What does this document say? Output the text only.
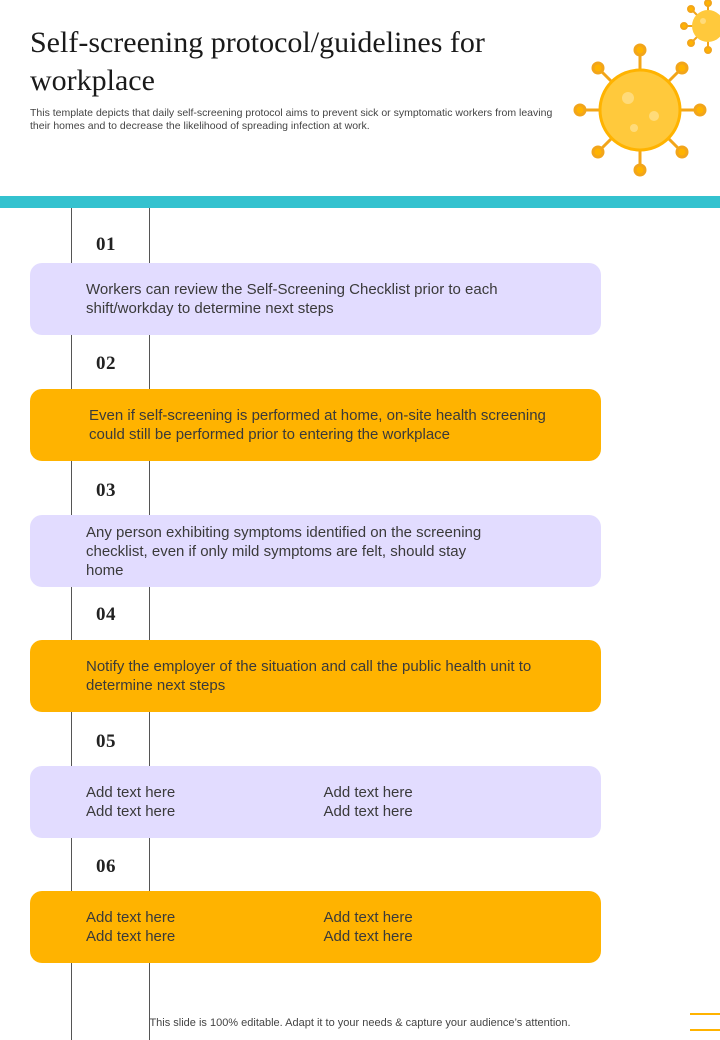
Self-screening protocol/guidelines for workplace

This template depicts that daily self-screening protocol aims to prevent sick or symptomatic workers from leaving their homes and to decrease the likelihood of spreading infection at work.

01
Workers can review the Self-Screening Checklist prior to each shift/workday to determine next steps
02
Even if self-screening is performed at home, on-site health screening could still be performed prior to entering the workplace
03
Any person exhibiting symptoms identified on the screening checklist, even if only mild symptoms are felt, should stay home
04
Notify the employer of the situation and call the public health unit to determine next steps
05
Add text here
Add text here
Add text here
Add text here
06
Add text here
Add text here
Add text here
Add text here
This slide is 100% editable. Adapt it to your needs & capture your audience’s attention.
